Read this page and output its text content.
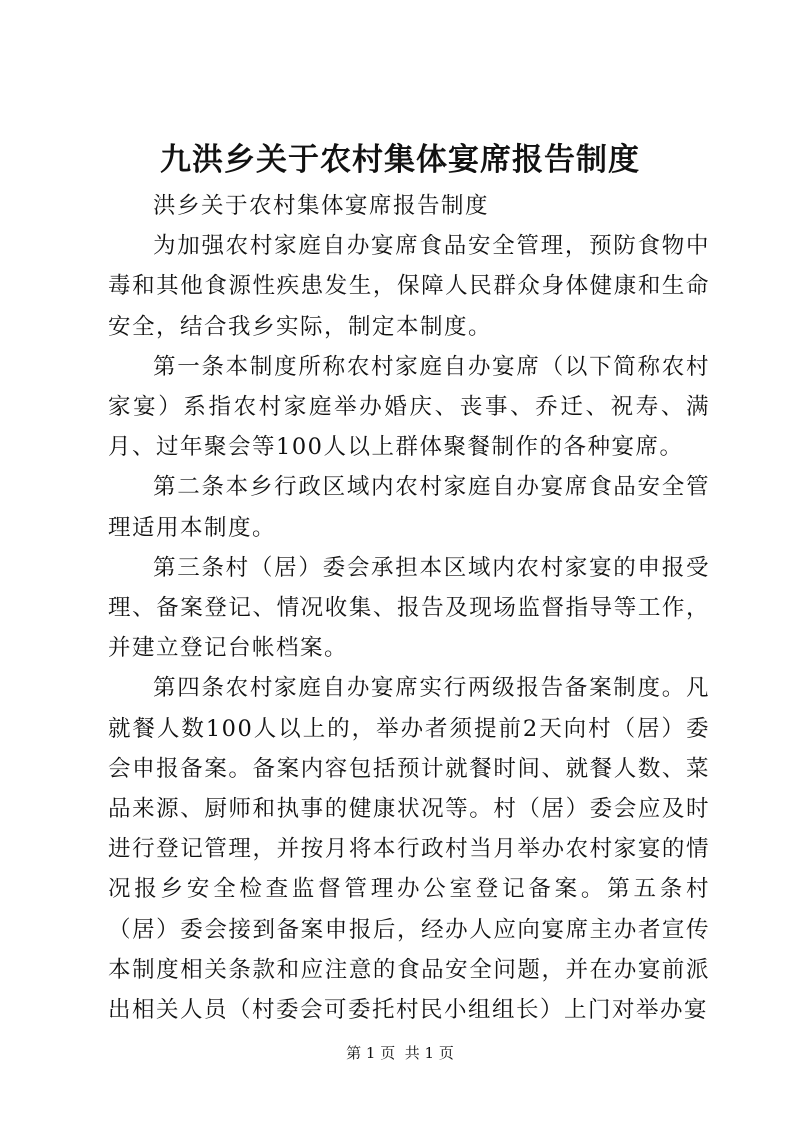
九洪乡关于农村集体宴席报告制度

洪乡关于农村集体宴席报告制度

为加强农村家庭自办宴席食品安全管理，预防食物中毒和其他食源性疾患发生，保障人民群众身体健康和生命安全，结合我乡实际，制定本制度。

第一条本制度所称农村家庭自办宴席（以下简称农村家宴）系指农村家庭举办婚庆、丧事、乔迁、祝寿、满月、过年聚会等100人以上群体聚餐制作的各种宴席。

第二条本乡行政区域内农村家庭自办宴席食品安全管理适用本制度。

第三条村（居）委会承担本区域内农村家宴的申报受理、备案登记、情况收集、报告及现场监督指导等工作，并建立登记台帐档案。

第四条农村家庭自办宴席实行两级报告备案制度。凡就餐人数100人以上的，举办者须提前2天向村（居）委会申报备案。备案内容包括预计就餐时间、就餐人数、菜品来源、厨师和执事的健康状况等。村（居）委会应及时进行登记管理，并按月将本行政村当月举办农村家宴的情况报乡安全检查监督管理办公室登记备案。第五条村（居）委会接到备案申报后，经办人应向宴席主办者宣传本制度相关条款和应注意的食品安全问题，并在办宴前派出相关人员（村委会可委托村民小组组长）上门对举办宴

第 1 页  共 1 页
